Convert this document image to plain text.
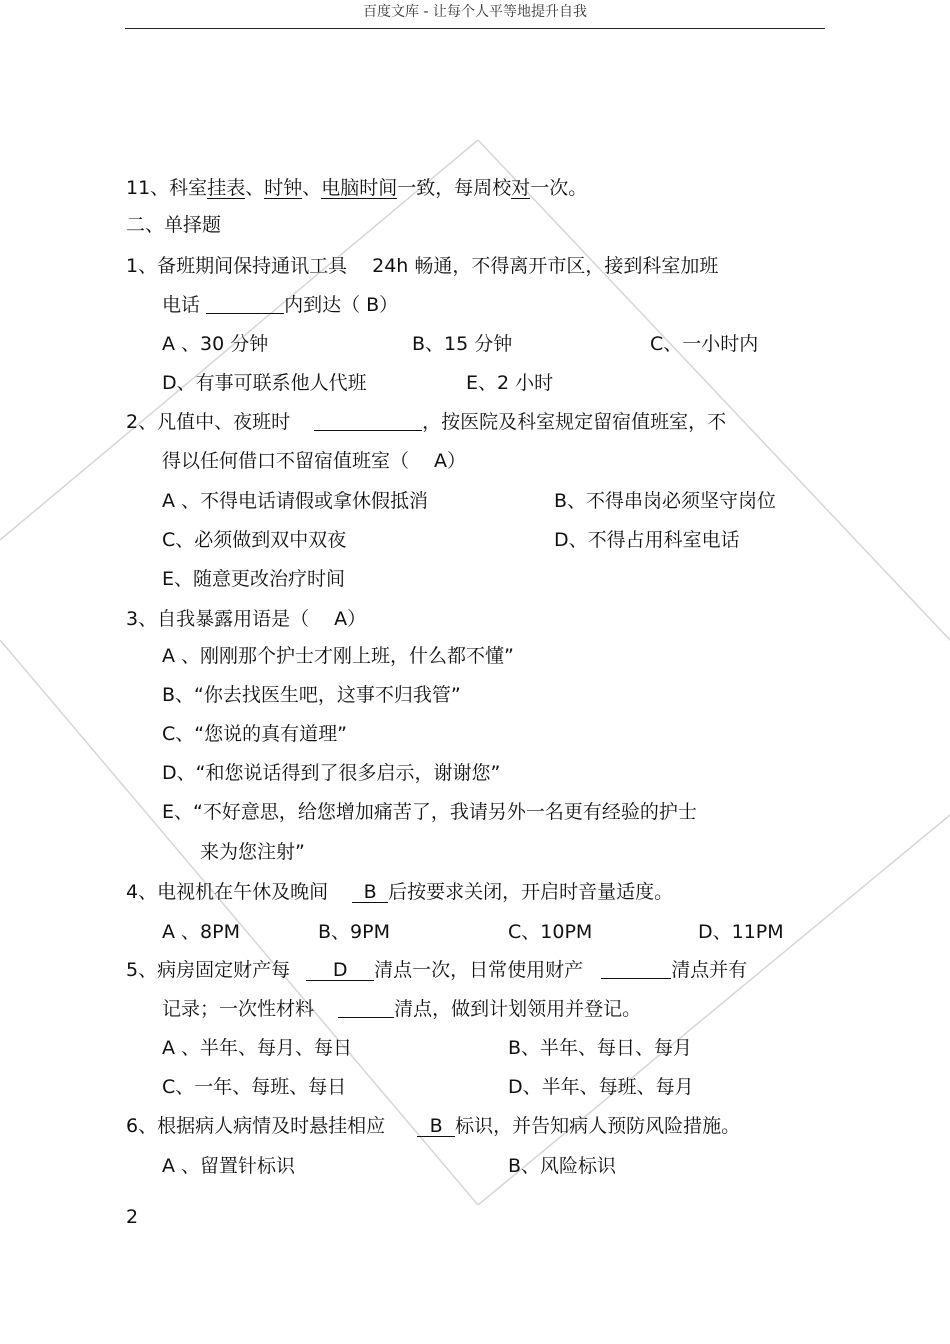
百度文库 - 让每个人平等地提升自我
11、科室挂表、时钟、电脑时间一致，每周校对一次。
二、单择题
1、备班期间保持通讯工具　 24h 畅通，不得离开市区，接到科室加班
电话	内到达（ B）
A 、30 分钟	B、15 分钟	C、一小时内
D、有事可联系他人代班	E、2 小时
2、凡值中、夜班时	，按医院及科室规定留宿值班室，不
得以任何借口不留宿值班室（　 A）
A 、不得电话请假或拿休假抵消	B、不得串岗必须坚守岗位
C、必须做到双中双夜	D、不得占用科室电话
E、随意更改治疗时间
3、自我暴露用语是（　 A）
A 、刚刚那个护士才刚上班，什么都不懂”
B、“你去找医生吧，这事不归我管”
C、“您说的真有道理”
D、“和您说话得到了很多启示，谢谢您”
E、“不好意思，给您增加痛苦了，我请另外一名更有经验的护士
来为您注射”
4、电视机在午休及晚间 B 后按要求关闭，开启时音量适度。
A 、8PM	B、9PM	C、10PM	D、11PM
5、病房固定财产每 D 清点一次，日常使用财产	清点并有
记录；一次性材料	清点，做到计划领用并登记。
A 、半年、每月、每日	B、半年、每日、每月
C、一年、每班、每日	D、半年、每班、每月
6、根据病人病情及时悬挂相应 B 标识，并告知病人预防风险措施。
A 、留置针标识	B、风险标识
2
